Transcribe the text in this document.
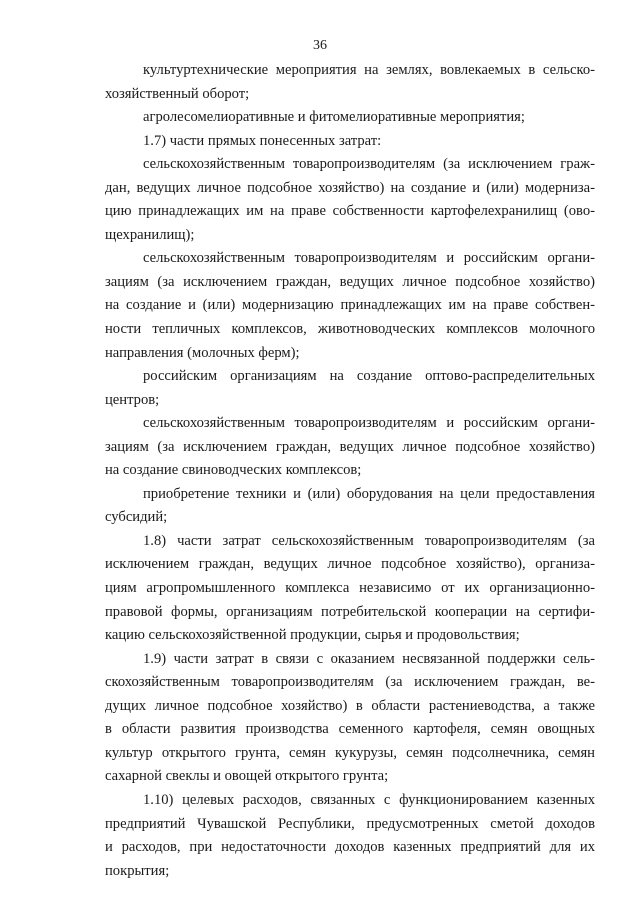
36
культуртехнические мероприятия на землях, вовлекаемых в сельско-
хозяйственный оборот;
агролесомелиоративные и фитомелиоративные мероприятия;
1.7) части прямых понесенных затрат:
сельскохозяйственным товаропроизводителям (за исключением граж-
дан, ведущих личное подсобное хозяйство) на создание и (или) модерниза-
цию принадлежащих им на праве собственности картофелехранилищ (ово-
щехранилищ);
сельскохозяйственным товаропроизводителям и российским органи-
зациям (за исключением граждан, ведущих личное подсобное хозяйство)
на создание и (или) модернизацию принадлежащих им на праве собствен-
ности тепличных комплексов, животноводческих комплексов молочного
направления (молочных ферм);
российским организациям на создание оптово-распределительных
центров;
сельскохозяйственным товаропроизводителям и российским органи-
зациям (за исключением граждан, ведущих личное подсобное хозяйство)
на создание свиноводческих комплексов;
приобретение техники и (или) оборудования на цели предоставления
субсидий;
1.8) части затрат сельскохозяйственным товаропроизводителям (за
исключением граждан, ведущих личное подсобное хозяйство), организа-
циям агропромышленного комплекса независимо от их организационно-
правовой формы, организациям потребительской кооперации на сертифи-
кацию сельскохозяйственной продукции, сырья и продовольствия;
1.9) части затрат в связи с оказанием несвязанной поддержки сель-
скохозяйственным товаропроизводителям (за исключением граждан, ве-
дущих личное подсобное хозяйство) в области растениеводства, а также
в области развития производства семенного картофеля, семян овощных
культур открытого грунта, семян кукурузы, семян подсолнечника, семян
сахарной свеклы и овощей открытого грунта;
1.10) целевых расходов, связанных с функционированием казенных
предприятий Чувашской Республики, предусмотренных сметой доходов
и расходов, при недостаточности доходов казенных предприятий для их
покрытия;
